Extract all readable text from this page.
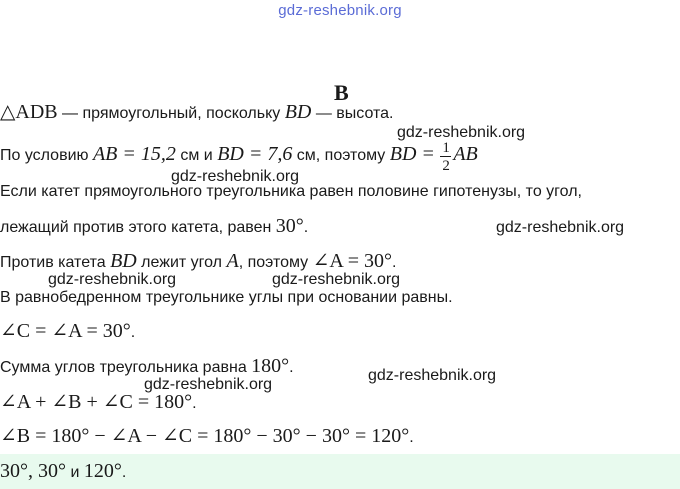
gdz-reshebnik.org
В
△ADB — прямоугольный, поскольку BD — высота.
По условию AB = 15,2 см и BD = 7,6 см, поэтому BD = $\frac{1}{2}$ AB
Если катет прямоугольного треугольника равен половине гипотенузы, то угол,
лежащий против этого катета, равен 30°.
Против катета BD лежит угол A, поэтому ∠A = 30°.
В равнобедренном треугольнике углы при основании равны.
∠C = ∠A = 30°.
Сумма углов треугольника равна 180°.
∠A + ∠B + ∠C = 180°.
∠B = 180° − ∠A − ∠C = 180° − 30° − 30° = 120°.
30°, 30° и 120°.
gdz-reshebnik.org
gdz-reshebnik.org
gdz-reshebnik.org
gdz-reshebnik.org	gdz-reshebnik.org
gdz-reshebnik.org
gdz-reshebnik.org
